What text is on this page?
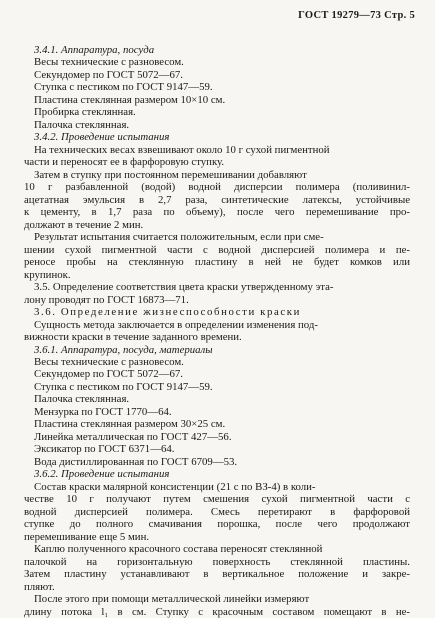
ГОСТ 19279—73 Стр. 5
3.4.1. Аппаратура, посуда
Весы технические с разновесом.
Секундомер по ГОСТ 5072—67.
Ступка с пестиком по ГОСТ 9147—59.
Пластина стеклянная размером 10×10 см.
Пробирка стеклянная.
Палочка стеклянная.
3.4.2. Проведение испытания
На технических весах взвешивают около 10 г сухой пигментной
части и переносят ее в фарфоровую ступку.
Затем в ступку при постоянном перемешивании добавляют
10 г разбавленной (водой) водной дисперсии полимера (поливинил-
ацетатная эмульсия в 2,7 раза, синтетические латексы, устойчивые
к цементу, в 1,7 раза по объему), после чего перемешивание про-
должают в течение 2 мин.
Результат испытания считается положительным, если при сме-
шении сухой пигментной части с водной дисперсией полимера и пе-
реносе пробы на стеклянную пластину в ней не будет комков или
крупинок.
3.5. Определение соответствия цвета краски утвержденному эта-
лону проводят по ГОСТ 16873—71.
3.6. Определение жизнеспособности краски
Сущность метода заключается в определении изменения под-
вижности краски в течение заданного времени.
3.6.1. Аппаратура, посуда, материалы
Весы технические с разновесом.
Секундомер по ГОСТ 5072—67.
Ступка с пестиком по ГОСТ 9147—59.
Палочка стеклянная.
Мензурка по ГОСТ 1770—64.
Пластина стеклянная размером 30×25 см.
Линейка металлическая по ГОСТ 427—56.
Эксикатор по ГОСТ 6371—64.
Вода дистиллированная по ГОСТ 6709—53.
3.6.2. Проведение испытания
Состав краски малярной консистенции (21 с по ВЗ-4) в коли-
честве 10 г получают путем смешения сухой пигментной части с
водной дисперсией полимера. Смесь перетирают в фарфоровой
ступке до полного смачивания порошка, после чего продолжают
перемешивание еще 5 мин.
Каплю полученного красочного состава переносят стеклянной
палочкой на горизонтальную поверхность стеклянной пластины.
Затем пластину устанавливают в вертикальное положение и закре-
пляют.
После этого при помощи металлической линейки измеряют
длину потока l₁ в см. Ступку с красочным составом помещают в не-
